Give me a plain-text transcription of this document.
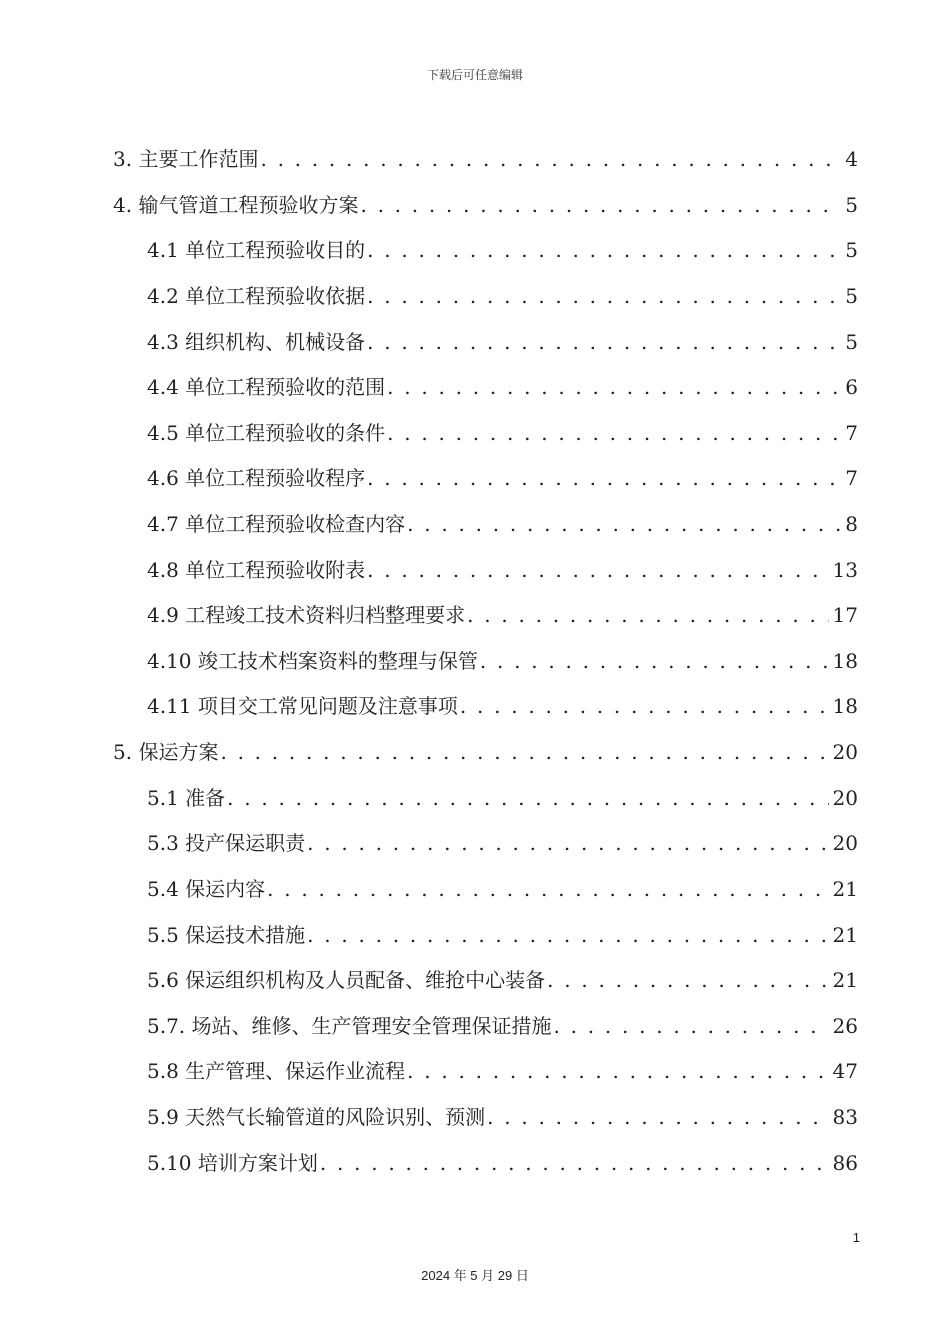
下载后可任意编辑
3. 主要工作范围 . . .	4
4. 输气管道工程预验收方案 . . .	5
4.1 单位工程预验收目的 . . .	5
4.2 单位工程预验收依据 . . .	5
4.3 组织机构、机械设备 . . .	5
4.4 单位工程预验收的范围 . . .	6
4.5 单位工程预验收的条件 . . .	7
4.6 单位工程预验收程序 . . .	7
4.7 单位工程预验收检查内容 . . .	8
4.8 单位工程预验收附表 . . .	13
4.9 工程竣工技术资料归档整理要求 . . .	17
4.10 竣工技术档案资料的整理与保管 . . .	18
4.11 项目交工常见问题及注意事项 . . .	18
5. 保运方案 . . .	20
5.1 准备 . . .	20
5.3 投产保运职责 . . .	20
5.4 保运内容 . . .	21
5.5 保运技术措施 . . .	21
5.6 保运组织机构及人员配备、维抢中心装备 . . .	21
5.7. 场站、维修、生产管理安全管理保证措施 . . .	26
5.8 生产管理、保运作业流程 . . .	47
5.9 天然气长输管道的风险识别、预测 . . .	83
5.10 培训方案计划 . . .	86
1
2024 年 5 月 29 日
